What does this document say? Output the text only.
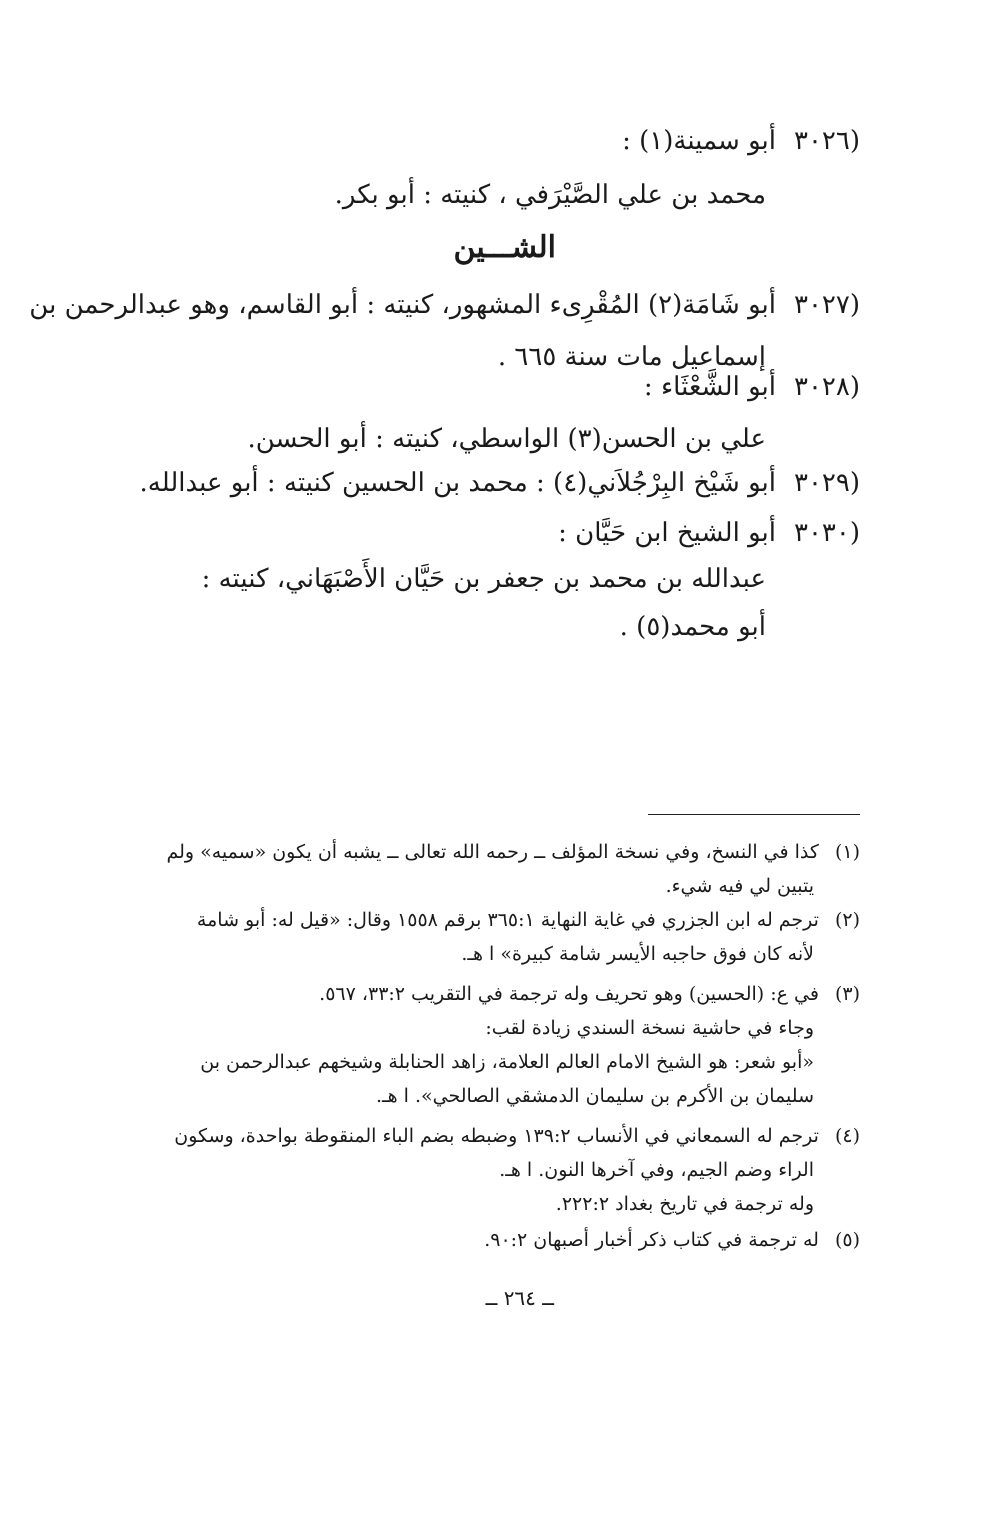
(٣٠٢٦أبو سمينة(١) :
محمد بن علي الصَّيْرَفي ، كنيته : أبو بكر.
الشـــين
(٣٠٢٧أبو شَامَة(٢) المُقْرِىء المشهور، كنيته : أبو القاسم، وهو عبدالرحمن بن
إسماعيل مات سنة ٦٦٥ .
(٣٠٢٨أبو الشَّعْثَاء :
علي بن الحسن(٣) الواسطي، كنيته : أبو الحسن.
(٣٠٢٩أبو شَيْخ البِرْجُلاَني(٤) : محمد بن الحسين كنيته : أبو عبدالله.
(٣٠٣٠أبو الشيخ ابن حَيَّان :
عبدالله بن محمد بن جعفر بن حَيَّان الأَصْبَهَاني، كنيته :
أبو محمد(٥) .
(١)كذا في النسخ، وفي نسخة المؤلف ــ رحمه الله تعالى ــ يشبه أن يكون «سميه» ولم
يتبين لي فيه شيء.
(٢)ترجم له ابن الجزري في غاية النهاية ٣٦٥:١ برقم ١٥٥٨ وقال: «قيل له: أبو شامة
لأنه كان فوق حاجبه الأيسر شامة كبيرة» ا هـ.
(٣)في ع: (الحسين) وهو تحريف وله ترجمة في التقريب ٣٣:٢، ٥٦٧.
وجاء في حاشية نسخة السندي زيادة لقب:
«أبو شعر: هو الشيخ الامام العالم العلامة، زاهد الحنابلة وشيخهم عبدالرحمن بن
سليمان بن الأكرم بن سليمان الدمشقي الصالحي». ا هـ.
(٤)ترجم له السمعاني في الأنساب ١٣٩:٢ وضبطه بضم الباء المنقوطة بواحدة، وسكون
الراء وضم الجيم، وفي آخرها النون. ا هـ.
وله ترجمة في تاريخ بغداد ٢٢٢:٢.
(٥)له ترجمة في كتاب ذكر أخبار أصبهان ٩٠:٢.
ــ ٢٦٤ ــ
